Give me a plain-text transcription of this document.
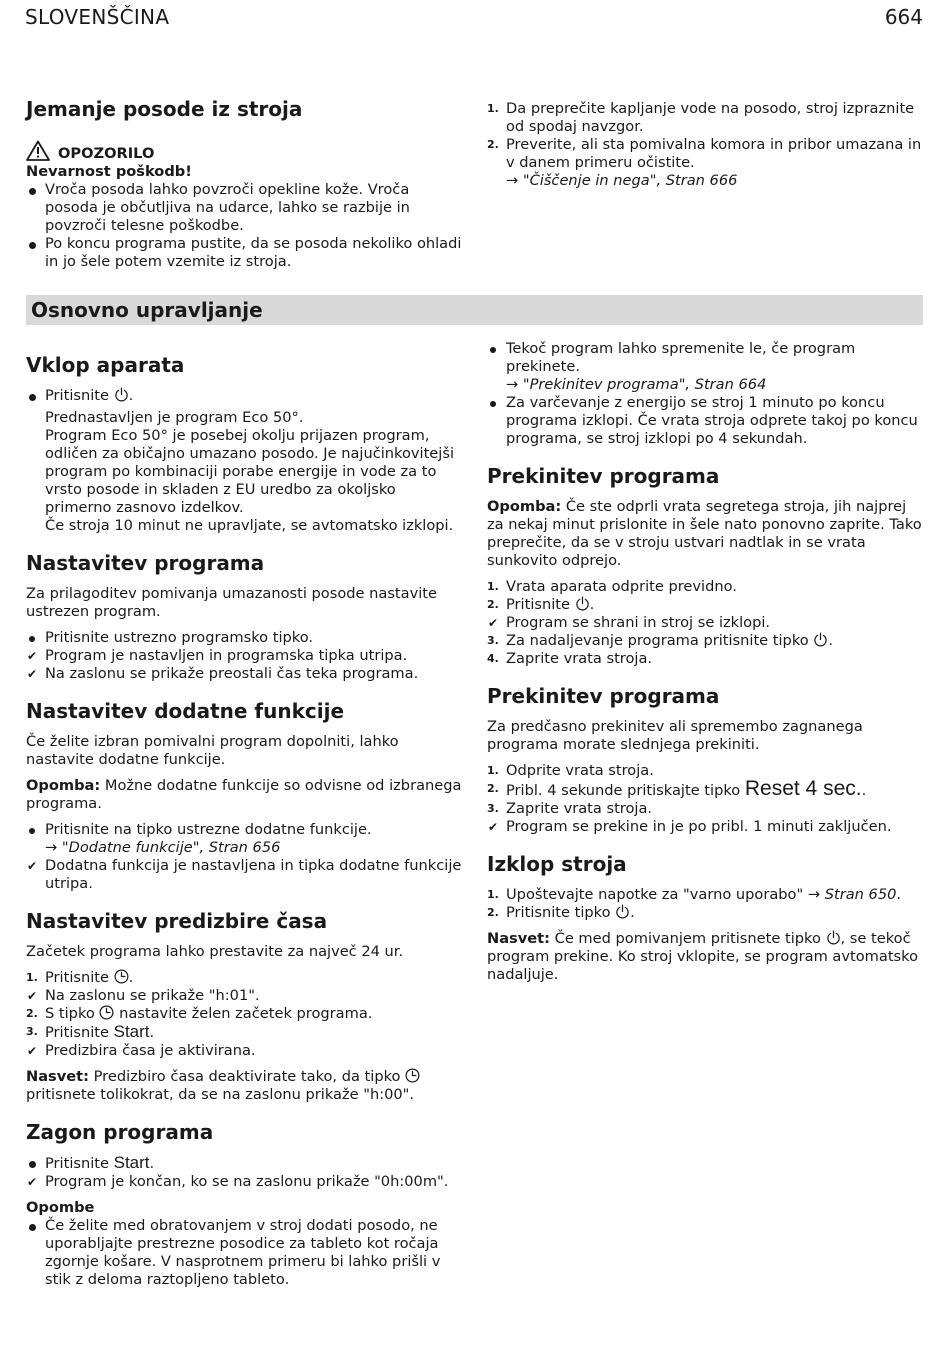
SLOVENŠČINA	664
Jemanje posode iz stroja
OPOZORILO

Nevarnost poškodb!

Vroča posoda lahko povzroči opekline kože. Vroča posoda je občutljiva na udarce, lahko se razbije in povzroči telesne poškodbe.
Po koncu programa pustite, da se posoda nekoliko ohladi in jo šele potem vzemite iz stroja.
1. Da preprečite kapljanje vode na posodo, stroj izpraznite od spodaj navzgor.
2. Preverite, ali sta pomivalna komora in pribor umazana in v danem primeru očistite.
→ "Čiščenje in nega", Stran 666
Osnovno upravljanje
Vklop aparata
Pritisnite .

Prednastavljen je program Eco 50°.

Program Eco 50° je posebej okolju prijazen program, odličen za običajno umazano posodo. Je najučinkovitejši program po kombinaciji porabe energije in vode za to vrsto posode in skladen z EU uredbo za okoljsko primerno zasnovo izdelkov.

Če stroja 10 minut ne upravljate, se avtomatsko izklopi.

Nastavitev programa

Za prilagoditev pomivanja umazanosti posode nastavite ustrezen program.

Pritisnite ustrezno programsko tipko.
✔ Program je nastavljen in programska tipka utripa.
✔ Na zaslonu se prikaže preostali čas teka programa.
Nastavitev dodatne funkcije

Če želite izbran pomivalni program dopolniti, lahko nastavite dodatne funkcije.

Opomba: Možne dodatne funkcije so odvisne od izbranega programa.

Pritisnite na tipko ustrezne dodatne funkcije.
→ "Dodatne funkcije", Stran 656
✔ Dodatna funkcija je nastavljena in tipka dodatne funkcije utripa.
Nastavitev predizbire časa

Začetek programa lahko prestavite za največ 24 ur.

1. Pritisnite .
✔ Na zaslonu se prikaže "h:01".
2. S tipko nastavite želen začetek programa.
3. Pritisnite Start.
✔ Predizbira časa je aktivirana.

Nasvet: Predizbiro časa deaktivirate tako, da tipko  pritisnete tolikokrat, da se na zaslonu prikaže "h:00".

Zagon programa
Pritisnite Start.
✔ Program je končan, ko se na zaslonu prikaže "0h:00m".

Opombe

Če želite med obratovanjem v stroj dodati posodo, ne uporabljajte prestrezne posodice za tableto kot ročaja zgornje košare. V nasprotnem primeru bi lahko prišli v stik z deloma raztopljeno tableto.
Tekoč program lahko spremenite le, če program prekinete.
→ "Prekinitev programa", Stran 664
Za varčevanje z energijo se stroj 1 minuto po koncu programa izklopi. Če vrata stroja odprete takoj po koncu programa, se stroj izklopi po 4 sekundah.
Prekinitev programa

Opomba: Če ste odprli vrata segretega stroja, jih najprej za nekaj minut prislonite in šele nato ponovno zaprite. Tako preprečite, da se v stroju ustvari nadtlak in se vrata sunkovito odprejo.

1. Vrata aparata odprite previdno.
2. Pritisnite .
✔ Program se shrani in stroj se izklopi.
3. Za nadaljevanje programa pritisnite tipko .
4. Zaprite vrata stroja.
Prekinitev programa

Za predčasno prekinitev ali spremembo zagnanega programa morate slednjega prekiniti.

1. Odprite vrata stroja.
2. Pribl. 4 sekunde pritiskajte tipko Reset 4 sec..
3. Zaprite vrata stroja.
✔ Program se prekine in je po pribl. 1 minuti zaključen.
Izklop stroja
1. Upoštevajte napotke za "varno uporabo" → Stran 650.
2. Pritisnite tipko .

Nasvet: Če med pomivanjem pritisnete tipko , se tekoč program prekine. Ko stroj vklopite, se program avtomatsko nadaljuje.
